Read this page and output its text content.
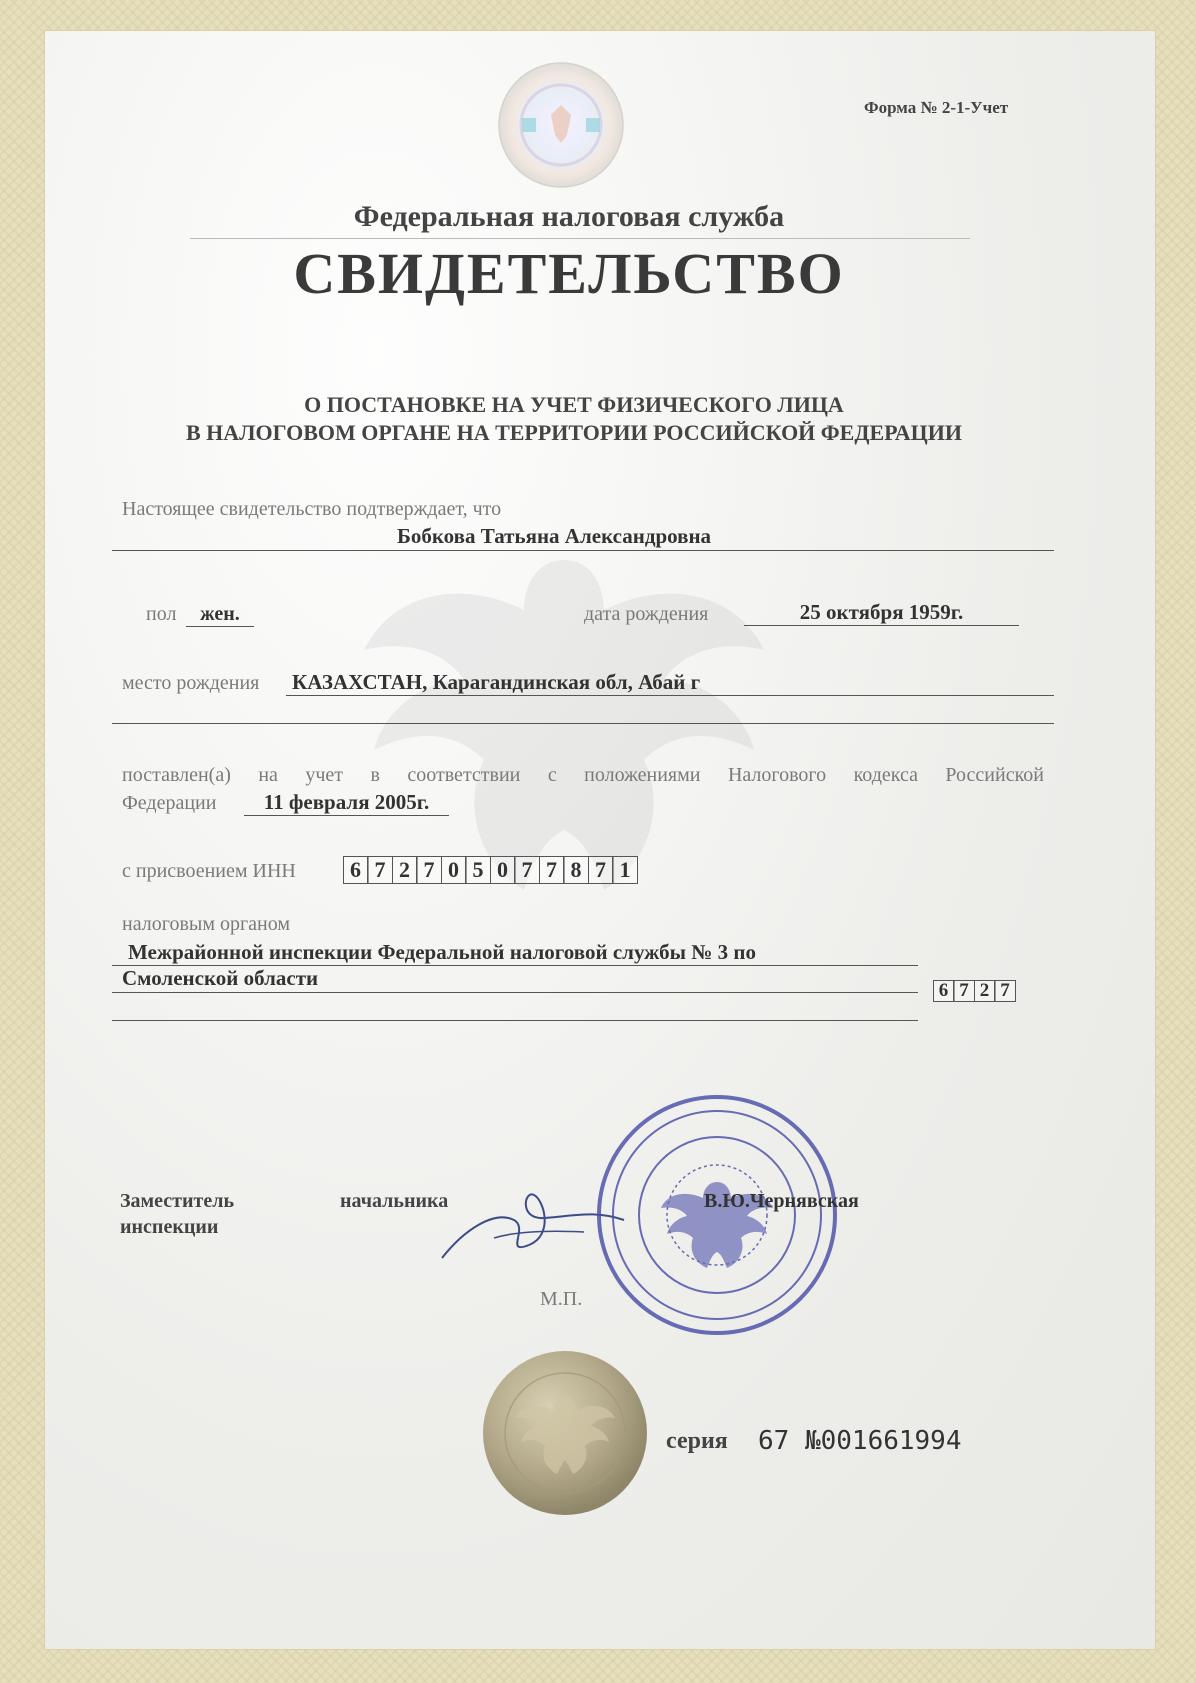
Форма № 2-1-Учет
Федеральная налоговая служба
СВИДЕТЕЛЬСТВО
О ПОСТАНОВКЕ НА УЧЕТ ФИЗИЧЕСКОГО ЛИЦА
В НАЛОГОВОМ ОРГАНЕ НА ТЕРРИТОРИИ РОССИЙСКОЙ ФЕДЕРАЦИИ
Настоящее свидетельство подтверждает, что
Бобкова Татьяна Александровна
пол	жен.	дата рождения	25 октября 1959г.
место рождения КАЗАХСТАН, Карагандинская обл, Абай г
поставлен(а) на учет в соответствии с положениями Налогового кодекса Российской
Федерации	11 февраля 2005г.
с присвоением ИНН	6 7 2 7 0 5 0 7 7 8 7 1
налоговым органом
Межрайонной инспекции Федеральной налоговой службы № 3 по
Смоленской области
6 7 2 7
Заместитель
инспекции
начальника	В.Ю.Чернявская
М.П.
серия 67 №001661994
